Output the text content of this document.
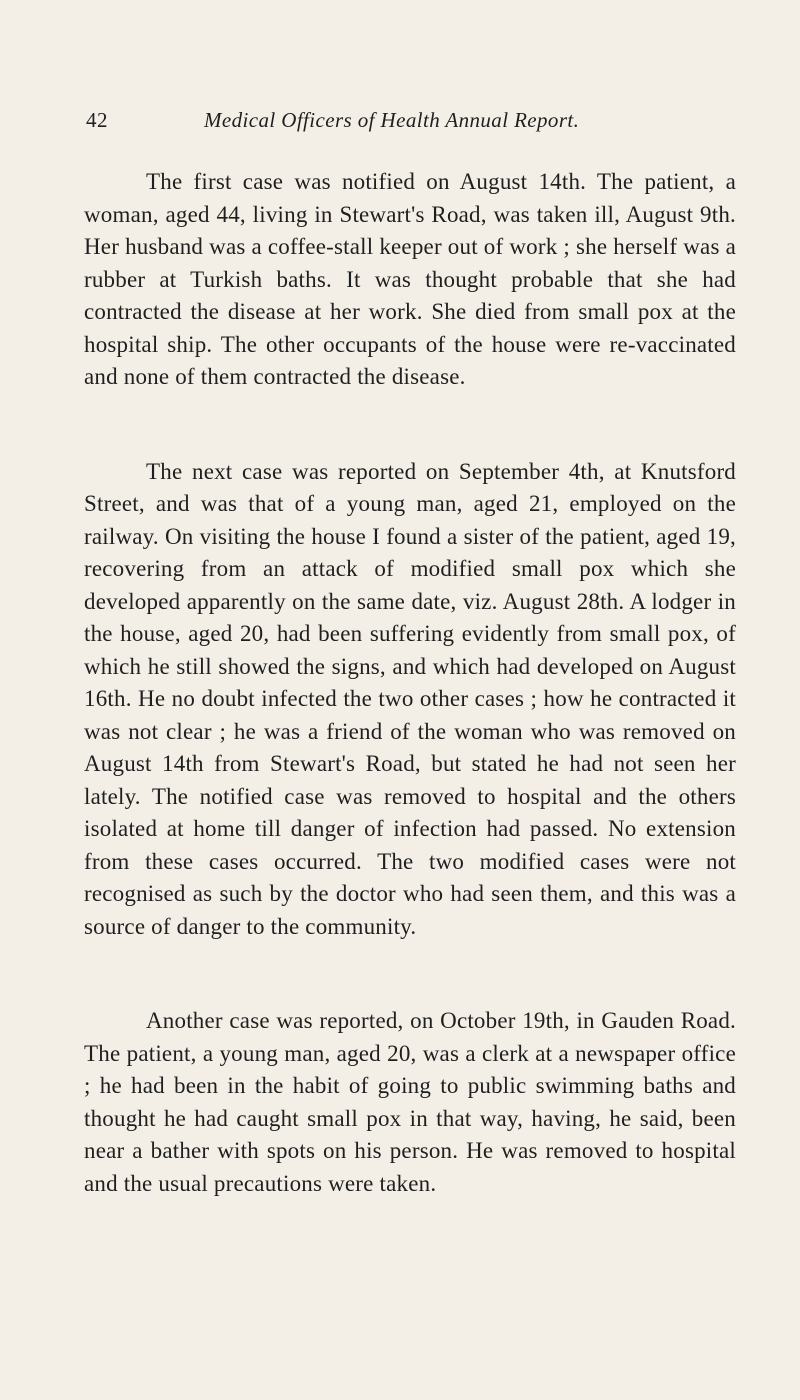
42	Medical Officers of Health Annual Report.

The first case was notified on August 14th. The patient, a woman, aged 44, living in Stewart's Road, was taken ill, August 9th. Her husband was a coffee-stall keeper out of work ; she herself was a rubber at Turkish baths. It was thought probable that she had contracted the disease at her work. She died from small pox at the hospital ship. The other occupants of the house were re-vaccinated and none of them contracted the disease.

The next case was reported on September 4th, at Knutsford Street, and was that of a young man, aged 21, employed on the railway. On visiting the house I found a sister of the patient, aged 19, recovering from an attack of modified small pox which she developed apparently on the same date, viz. August 28th. A lodger in the house, aged 20, had been suffering evidently from small pox, of which he still showed the signs, and which had developed on August 16th. He no doubt infected the two other cases ; how he contracted it was not clear ; he was a friend of the woman who was removed on August 14th from Stewart's Road, but stated he had not seen her lately. The notified case was removed to hospital and the others isolated at home till danger of infection had passed. No extension from these cases occurred. The two modified cases were not recognised as such by the doctor who had seen them, and this was a source of danger to the community.

Another case was reported, on October 19th, in Gauden Road. The patient, a young man, aged 20, was a clerk at a newspaper office ; he had been in the habit of going to public swimming baths and thought he had caught small pox in that way, having, he said, been near a bather with spots on his person. He was removed to hospital and the usual precautions were taken.
